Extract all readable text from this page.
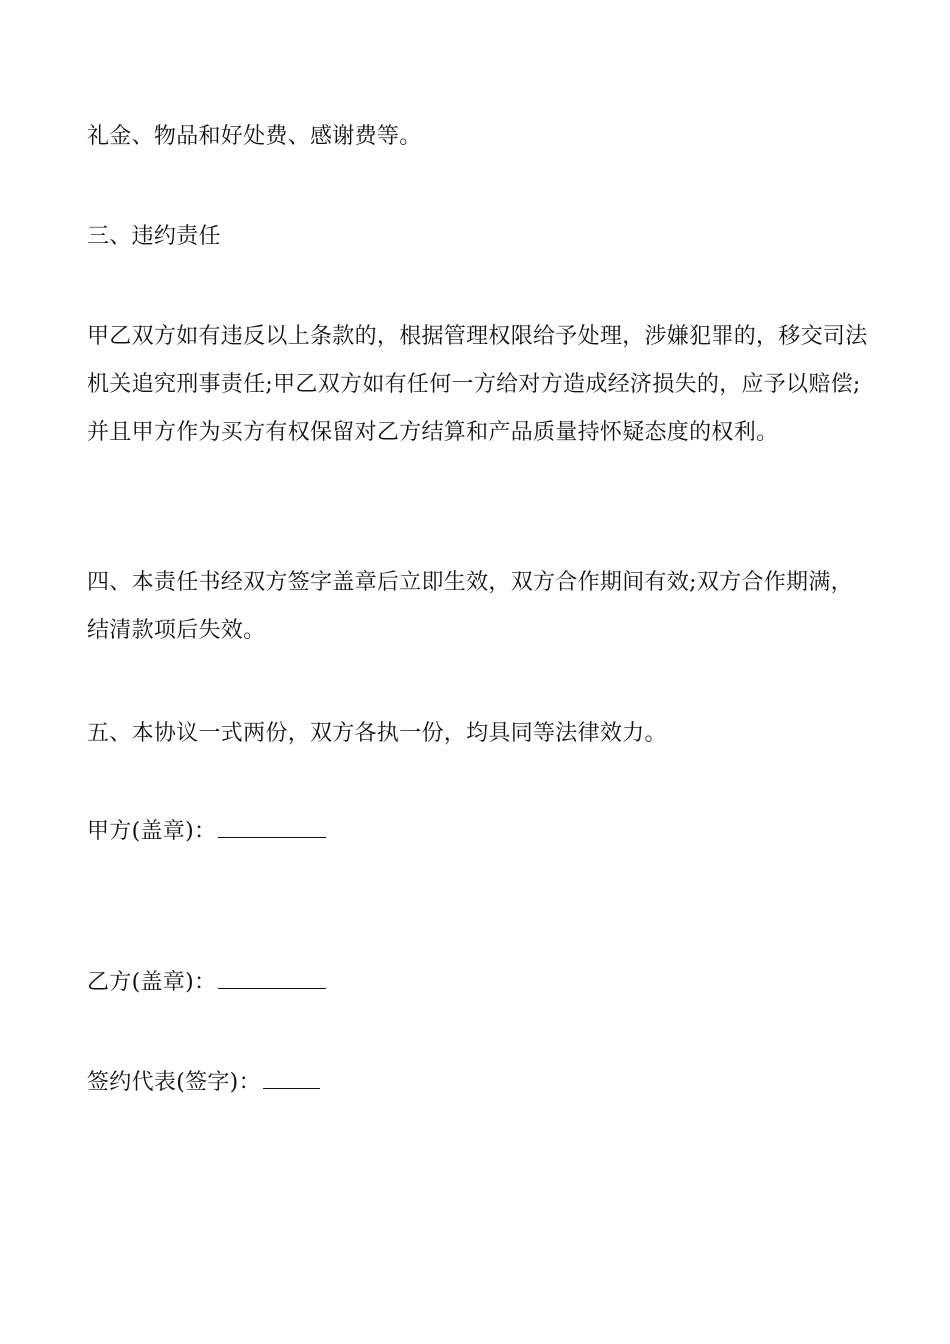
礼金、物品和好处费、感谢费等。

三、违约责任

甲乙双方如有违反以上条款的，根据管理权限给予处理，涉嫌犯罪的，移交司法机关追究刑事责任;甲乙双方如有任何一方给对方造成经济损失的，应予以赔偿;并且甲方作为买方有权保留对乙方结算和产品质量持怀疑态度的权利。

四、本责任书经双方签字盖章后立即生效，双方合作期间有效;双方合作期满，结清款项后失效。

五、本协议一式两份，双方各执一份，均具同等法律效力。

甲方(盖章)：

乙方(盖章)：

签约代表(签字)：
